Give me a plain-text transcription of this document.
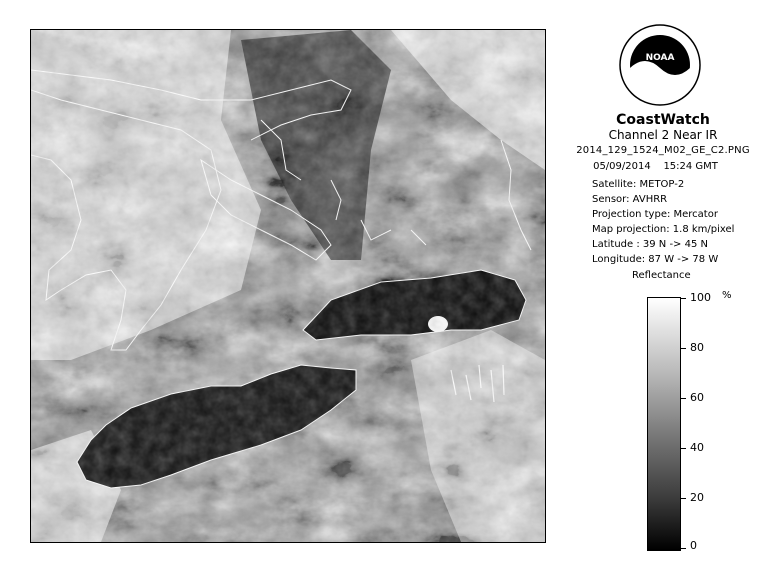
NOAA
CoastWatch
Channel 2 Near IR
2014_129_1524_M02_GE_C2.PNG
05/09/2014 15:24 GMT
Satellite: METOP-2
Sensor: AVHRR
Projection type: Mercator
Map projection: 1.8 km/pixel
Latitude : 39 N -> 45 N
Longitude: 87 W -> 78 W
Reflectance
%
100
80
60
40
20
0
